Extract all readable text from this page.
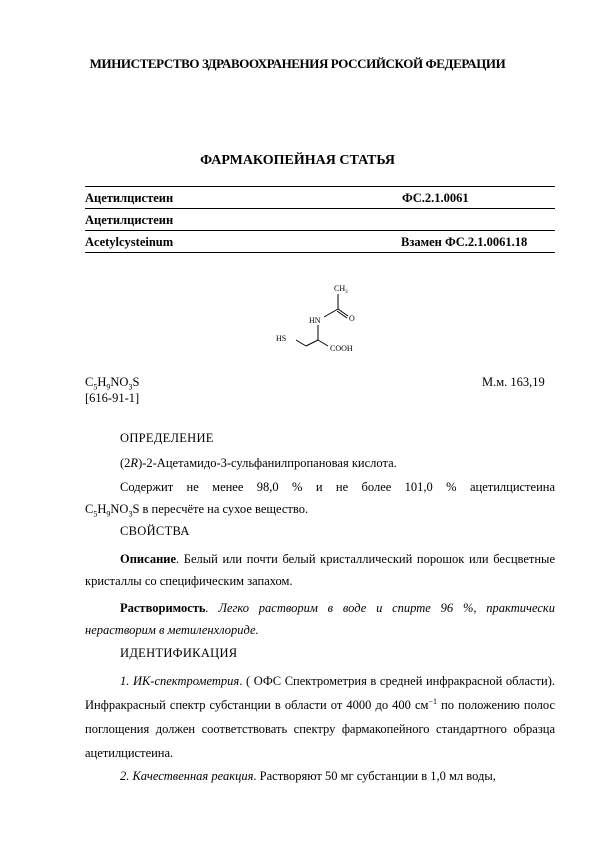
МИНИСТЕРСТВО ЗДРАВООХРАНЕНИЯ РОССИЙСКОЙ ФЕДЕРАЦИИ
ФАРМАКОПЕЙНАЯ СТАТЬЯ
Ацетилцистеин	ФС.2.1.0061
Ацетилцистеин
Acetylcysteinum	Взамен ФС.2.1.0061.18
$CH_3$
O
HN
HS
COOH
$C_5H_9NO_3S$	М.м. 163,19
[616-91-1]
ОПРЕДЕЛЕНИЕ
(2R)-2-Ацетамидо-3-сульфанилпропановая кислота.
Содержит не менее 98,0 % и не более 101,0 % ацетилцистеина
$C_5H_9NO_3S$ в пересчёте на сухое вещество.
СВОЙСТВА
Описание. Белый или почти белый кристаллический порошок или бесцветные кристаллы со специфическим запахом.
Растворимость. Легко растворим в воде и спирте 96 %, практически нерастворим в метиленхлориде.
ИДЕНТИФИКАЦИЯ
1. ИК-спектрометрия. ( ОФС Спектрометрия в средней инфракрасной области). Инфракрасный спектр субстанции в области от 4000 до 400 $см^{-1}$ по положению полос поглощения должен соответствовать спектру фармакопейного стандартного образца ацетилцистеина.
2. Качественная реакция. Растворяют 50 мг субстанции в 1,0 мл воды,
